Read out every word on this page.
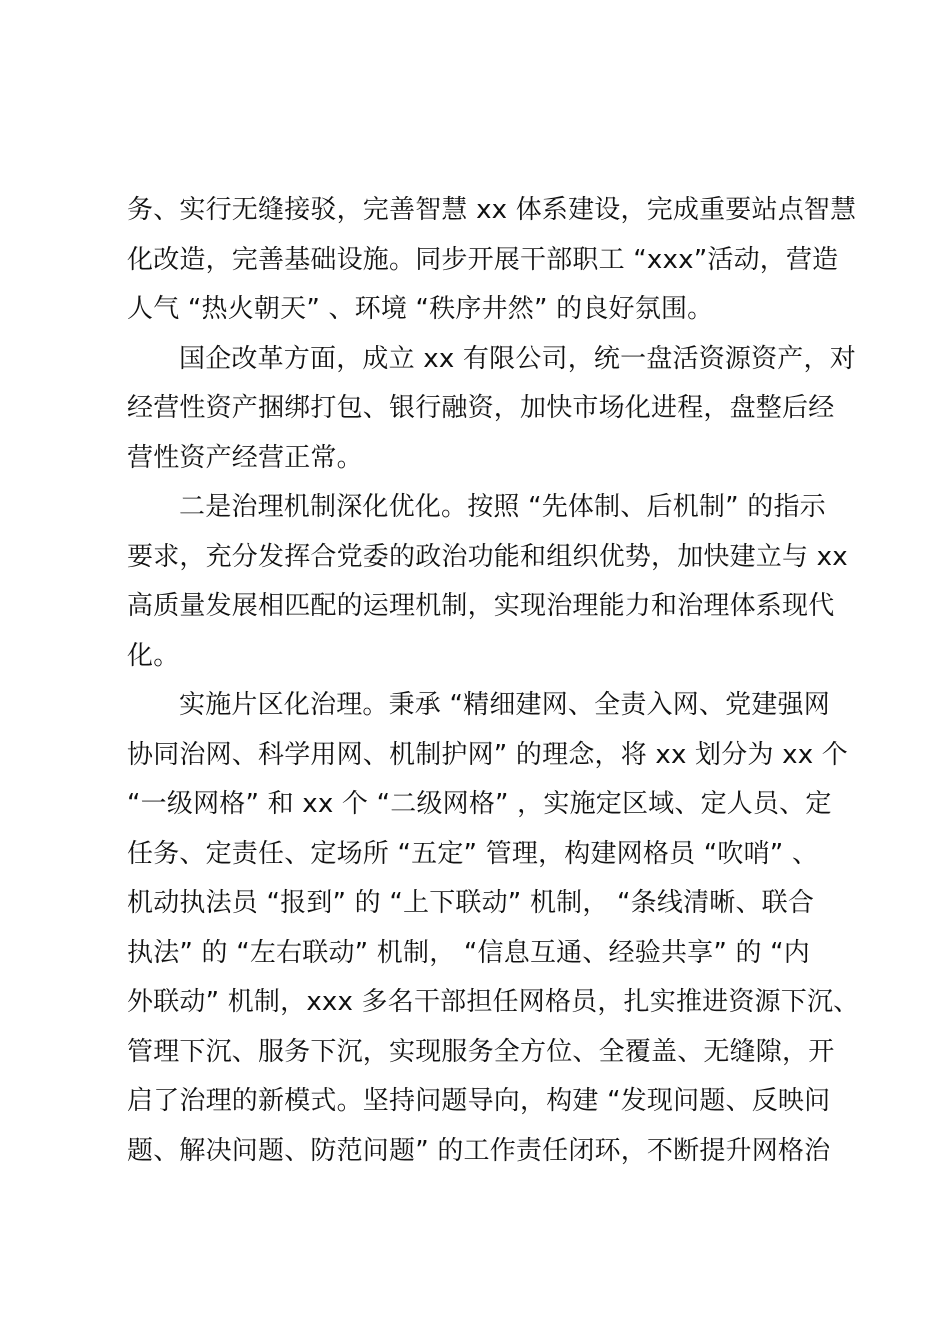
务、实行无缝接驳，完善智慧 xx 体系建设，完成重要站点智慧
化改造，完善基础设施。同步开展干部职工 “xxx”活动，营造
人气 “热火朝天” 、环境 “秩序井然” 的良好氛围。
国企改革方面，成立 xx 有限公司，统一盘活资源资产，对
经营性资产捆绑打包、银行融资，加快市场化进程，盘整后经
营性资产经营正常。
二是治理机制深化优化。按照 “先体制、后机制” 的指示
要求，充分发挥合党委的政治功能和组织优势，加快建立与 xx
高质量发展相匹配的运理机制，实现治理能力和治理体系现代
化。
实施片区化治理。秉承 “精细建网、全责入网、党建强网
协同治网、科学用网、机制护网” 的理念，将 xx 划分为 xx 个
“一级网格” 和 xx 个 “二级网格” ，实施定区域、定人员、定
任务、定责任、定场所 “五定” 管理，构建网格员 “吹哨” 、
机动执法员 “报到” 的 “上下联动” 机制， “条线清晰、联合
执法” 的 “左右联动” 机制， “信息互通、经验共享” 的 “内
外联动” 机制，xxx 多名干部担任网格员，扎实推进资源下沉、
管理下沉、服务下沉，实现服务全方位、全覆盖、无缝隙，开
启了治理的新模式。坚持问题导向，构建 “发现问题、反映问
题、解决问题、防范问题” 的工作责任闭环，不断提升网格治
